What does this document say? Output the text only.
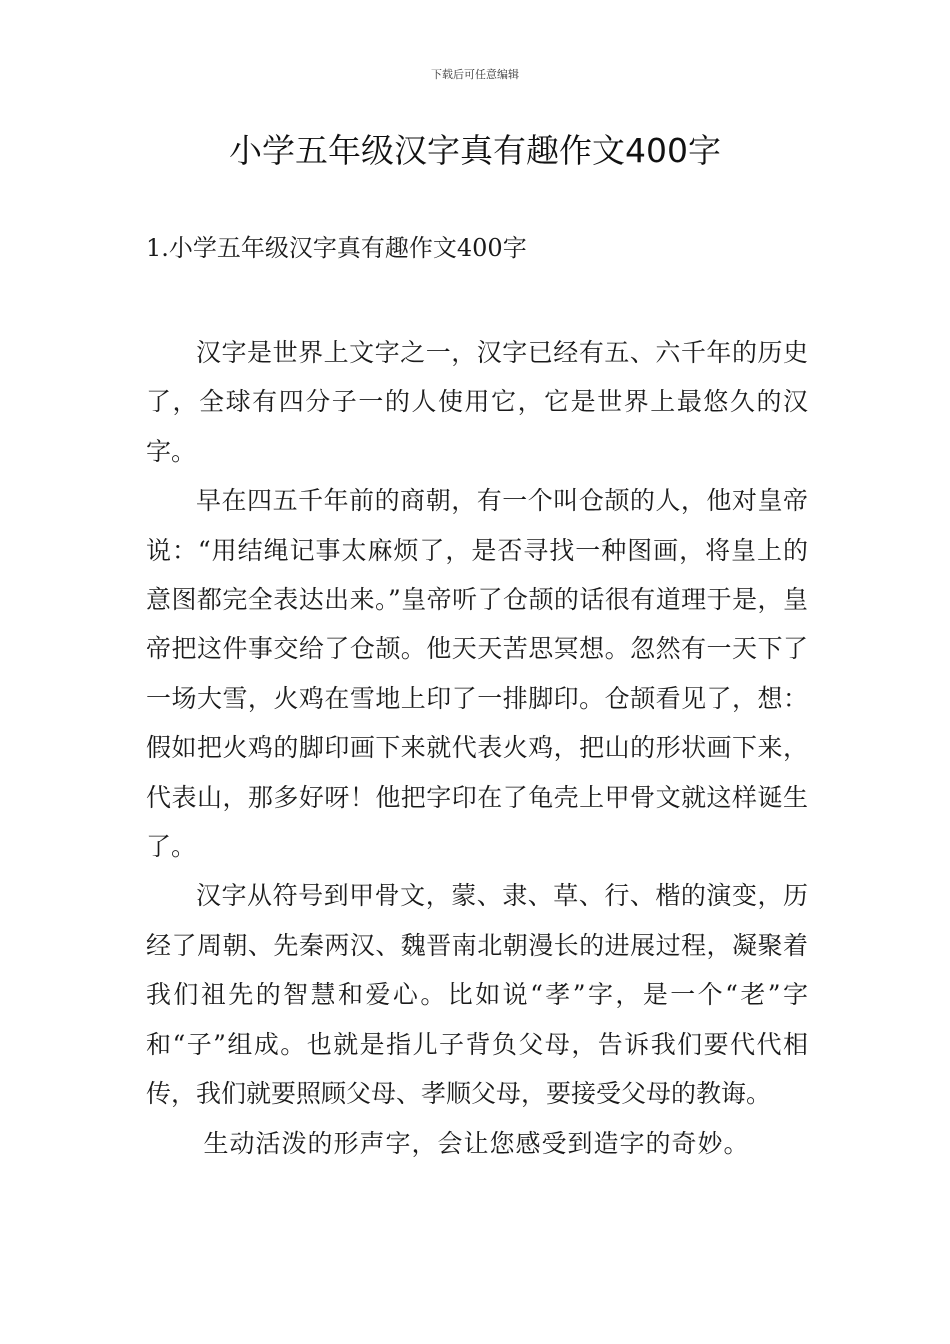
下载后可任意编辑
小学五年级汉字真有趣作文400字
1.小学五年级汉字真有趣作文400字

汉字是世界上文字之一，汉字已经有五、六千年的历史了，全球有四分子一的人使用它，它是世界上最悠久的汉字。

早在四五千年前的商朝，有一个叫仓颉的人，他对皇帝说：“用结绳记事太麻烦了，是否寻找一种图画，将皇上的意图都完全表达出来。”皇帝听了仓颉的话很有道理于是，皇帝把这件事交给了仓颉。他天天苦思冥想。忽然有一天下了一场大雪，火鸡在雪地上印了一排脚印。仓颉看见了，想：假如把火鸡的脚印画下来就代表火鸡，把山的形状画下来，代表山，那多好呀！他把字印在了龟壳上甲骨文就这样诞生了。

汉字从符号到甲骨文，蒙、隶、草、行、楷的演变，历经了周朝、先秦两汉、魏晋南北朝漫长的进展过程，凝聚着我们祖先的智慧和爱心。比如说“孝”字，是一个“老”字和“子”组成。也就是指儿子背负父母，告诉我们要代代相传，我们就要照顾父母、孝顺父母，要接受父母的教诲。

生动活泼的形声字，会让您感受到造字的奇妙。
